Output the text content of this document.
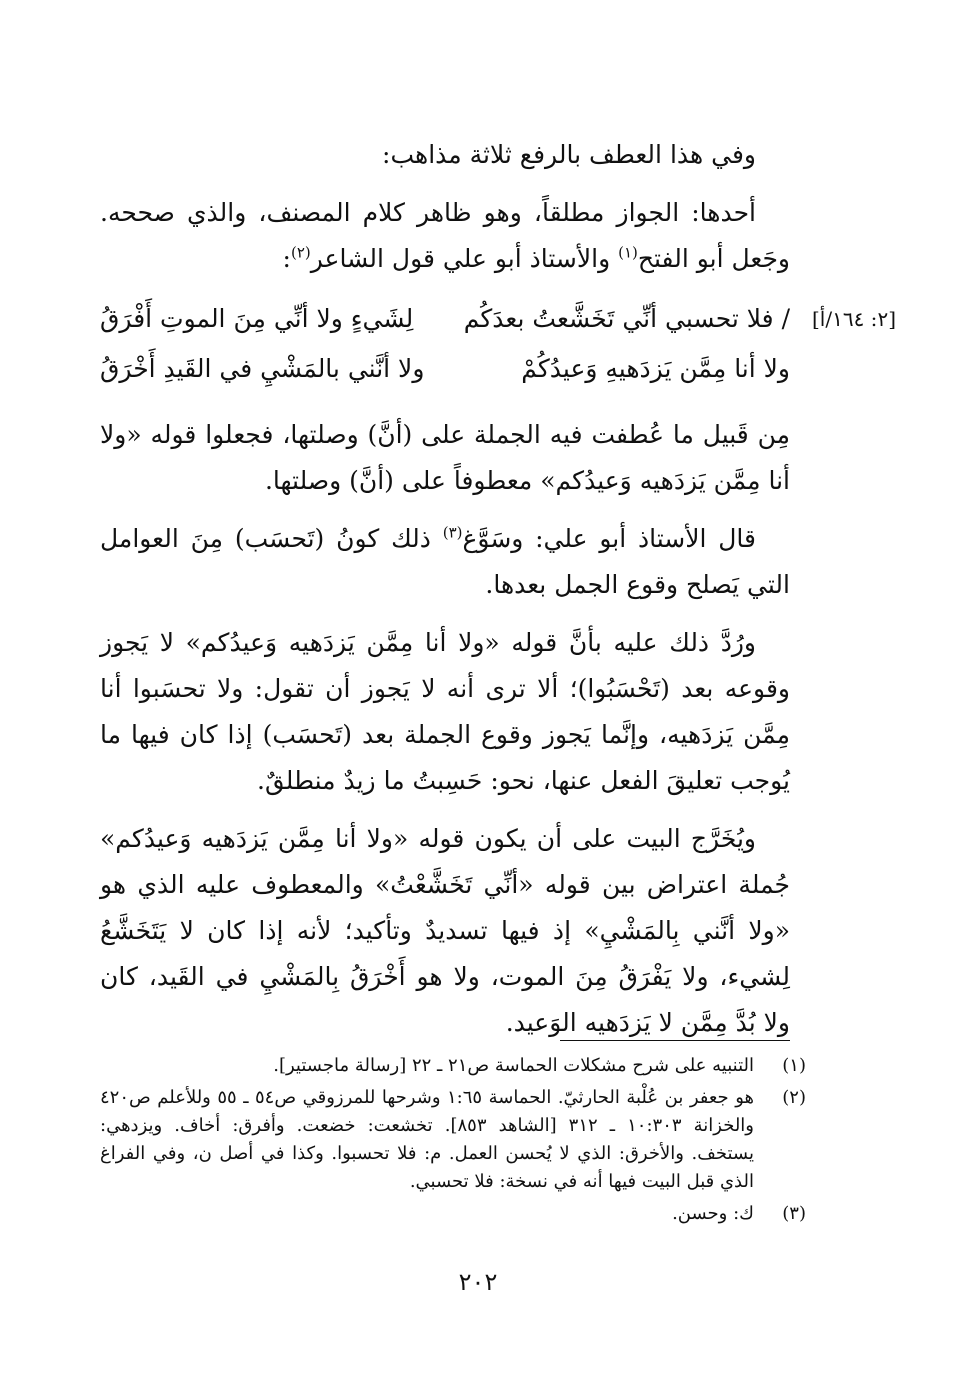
[٢: ١٦٤/أ]

وفي هذا العطف بالرفع ثلاثة مذاهب:

أحدها: الجواز مطلقاً، وهو ظاهر كلام المصنف، والذي صححه. وجَعل أبو الفتح$^{(١)}$ والأستاذ أبو علي قول الشاعر$^{(٢)}$:

/ فلا تحسبي أنِّي تَخَشَّعتُ بعدَكُم
لِشَيءٍ ولا أنِّي مِنَ الموتِ أَفْرَقُ
ولا أنا مِمَّن يَزدَهيهِ وَعيدُكُمْ
ولا أنَّني بالمَشْيِ في القَيدِ أَخْرَقُ

مِن قَبيل ما عُطفت فيه الجملة على (أنَّ) وصلتها، فجعلوا قوله «ولا أنا مِمَّن يَزدَهيه وَعيدُكم» معطوفاً على (أنَّ) وصلتها.

قال الأستاذ أبو علي: وسَوَّغ$^{(٣)}$ ذلك كونُ (تَحسَب) مِنَ العوامل التي يَصلح وقوع الجمل بعدها.

ورُدَّ ذلك عليه بأنَّ قوله «ولا أنا مِمَّن يَزدَهيه وَعيدُكم» لا يَجوز وقوعه بعد (تَحْسَبُوا)؛ ألا ترى أنه لا يَجوز أن تقول: ولا تحسَبوا أنا مِمَّن يَزدَهيه، وإنَّما يَجوز وقوع الجملة بعد (تَحسَب) إذا كان فيها ما يُوجب تعليقَ الفعل عنها، نحو: حَسِبتُ ما زيدٌ منطلقٌ.

ويُخَرَّج البيت على أن يكون قوله «ولا أنا مِمَّن يَزدَهيه وَعيدُكم» جُملة اعتراض بين قوله «أنِّي تَخَشَّعْتُ» والمعطوف عليه الذي هو «ولا أنَّني بِالمَشْيِ» إذ فيها تسديدٌ وتأكيد؛ لأنه إذا كان لا يَتَخَشَّعُ لِشيء، ولا يَفْرَقُ مِنَ الموت، ولا هو أَخْرَقُ بِالمَشْيِ في القَيد، كان ولا بُدَّ مِمَّن لا يَزدَهيه الوَعيد.

(١)
التنبيه على شرح مشكلات الحماسة ص٢١ ـ ٢٢ [رسالة ماجستير].
(٢)
هو جعفر بن عُلْبة الحارثيّ. الحماسة ١:٦٥ وشرحها للمرزوقي ص٥٤ ـ ٥٥ وللأعلم ص٤٢٠ والخزانة ١٠:٣٠٣ ـ ٣١٢ [الشاهد ٨٥٣]. تخشعت: خضعت. وأفرق: أخاف. ويزدهي: يستخف. والأخرق: الذي لا يُحسن العمل. م: فلا تحسبوا. وكذا في أصل ن، وفي الفراغ الذي قبل البيت فيها أنه في نسخة: فلا تحسبي.
(٣)
ك: وحسن.
٢٠٢
